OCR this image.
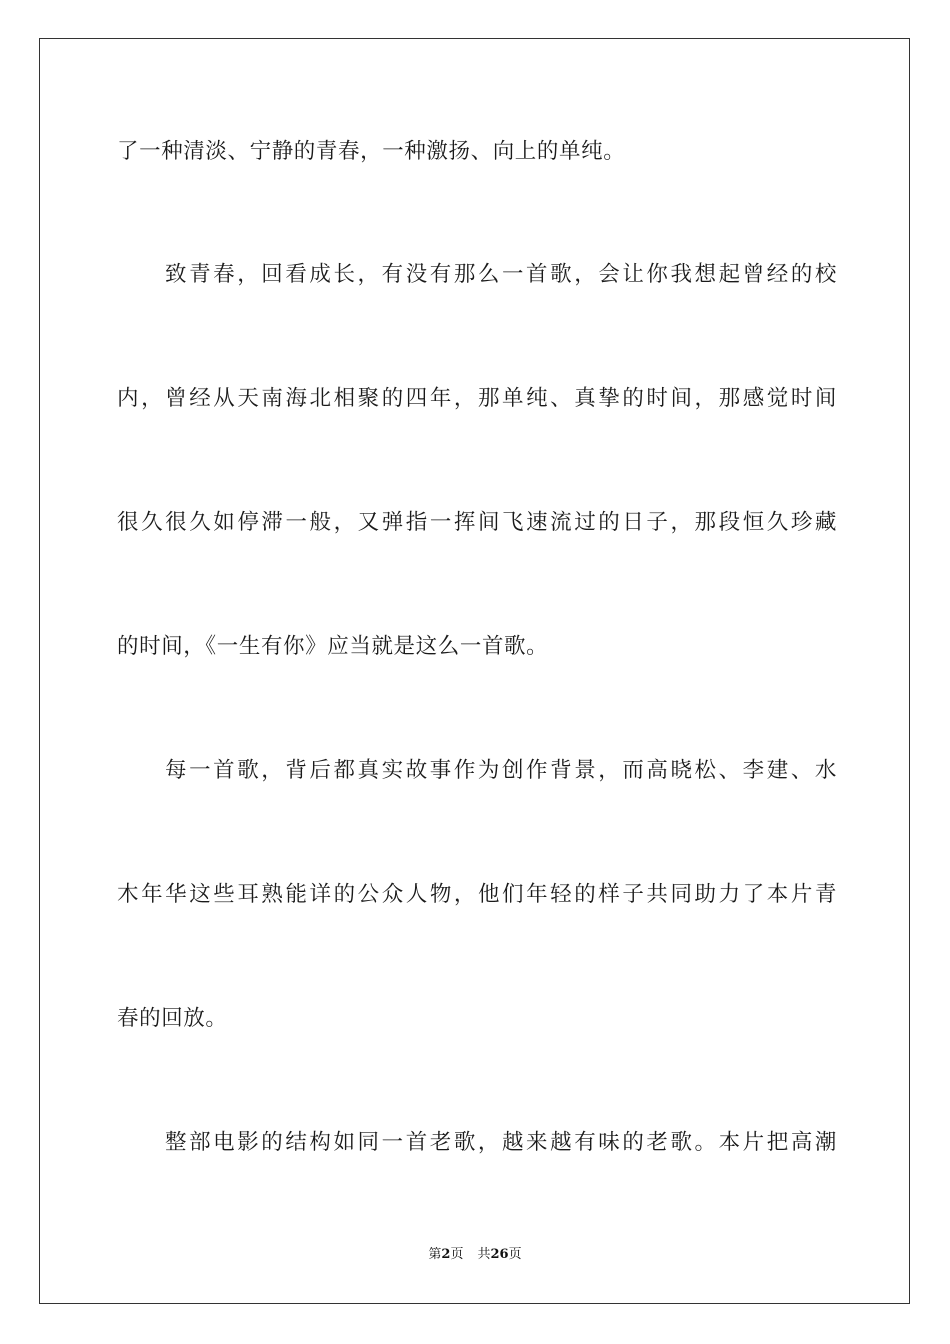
了一种清淡、宁静的青春，一种激扬、向上的单纯。
致青春，回看成长，有没有那么一首歌，会让你我想起曾经的校
内，曾经从天南海北相聚的四年，那单纯、真挚的时间，那感觉时间
很久很久如停滞一般，又弹指一挥间飞速流过的日子，那段恒久珍藏
的时间，《一生有你》应当就是这么一首歌。
每一首歌，背后都真实故事作为创作背景，而高晓松、李建、水
木年华这些耳熟能详的公众人物，他们年轻的样子共同助力了本片青
春的回放。
整部电影的结构如同一首老歌，越来越有味的老歌。本片把高潮
第2页 共26页
